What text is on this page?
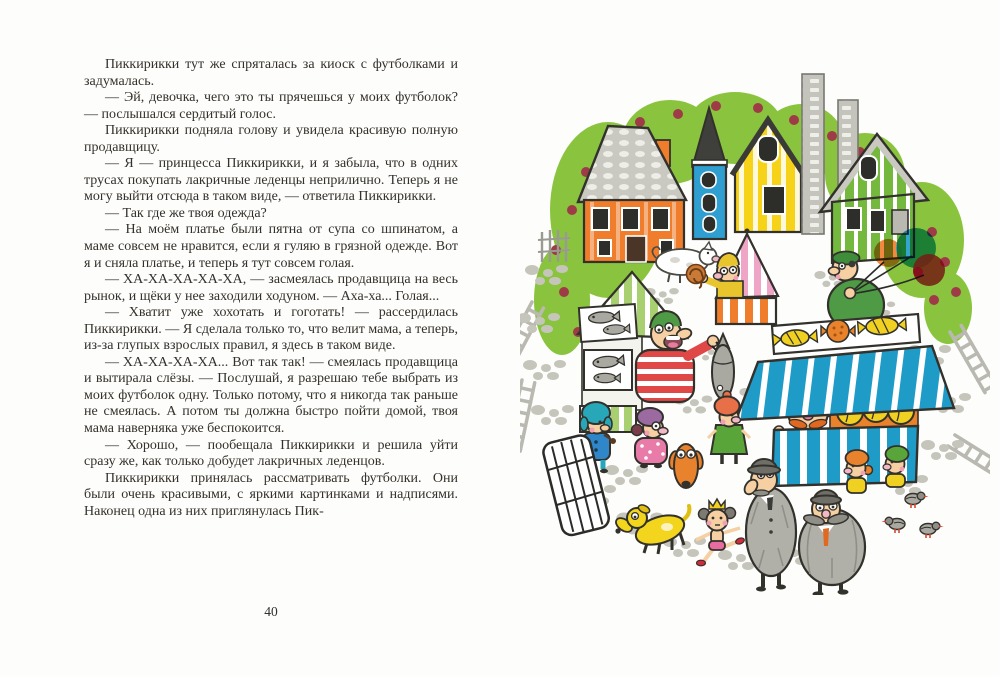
Пиккирикки тут же спряталась за киоск с футболками и задумалась.

— Эй, девочка, чего это ты прячешься у моих футболок? — послышался сердитый голос.

Пиккирикки подняла голову и увидела красивую полную продавщицу.

— Я — принцесса Пиккирикки, и я забыла, что в одних трусах покупать лакричные леденцы неприлично. Теперь я не могу выйти отсюда в таком виде, — ответила Пиккирикки.

— Так где же твоя одежда?

— На моём платье были пятна от супа со шпинатом, а маме совсем не нравится, если я гуляю в грязной одежде. Вот я и сняла платье, и теперь я тут совсем голая.

— ХА-ХА-ХА-ХА-ХА, — засмеялась продавщица на весь рынок, и щёки у нее заходили ходуном. — Аха-ха... Голая...

— Хватит уже хохотать и гоготать! — рассердилась Пиккирикки. — Я сделала только то, что велит мама, а теперь, из-за глупых взрослых правил, я здесь в таком виде.

— ХА-ХА-ХА-ХА... Вот так так! — смеялась продавщица и вытирала слёзы. — Послушай, я разрешаю тебе выбрать из моих футболок одну. Только потому, что я никогда так раньше не смеялась. А потом ты должна быстро пойти домой, твоя мама наверняка уже беспокоится.

— Хорошо, — пообещала Пиккирикки и решила уйти сразу же, как только добудет лакричных леденцов.

Пиккирикки принялась рассматривать футболки. Они были очень красивыми, с яркими картинками и надписями. Наконец одна из них приглянулась Пик-

40
